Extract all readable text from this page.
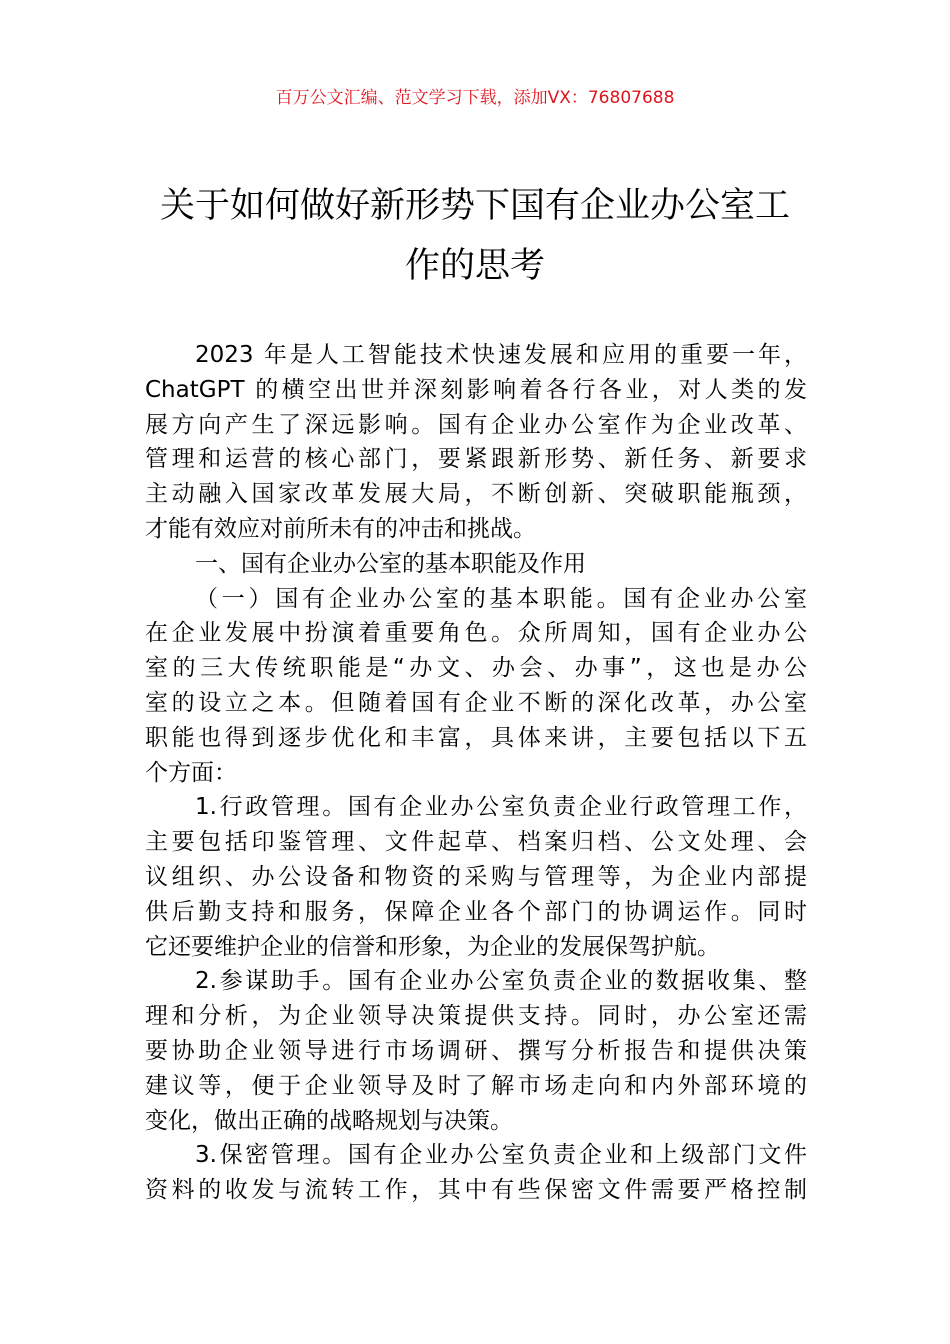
百万公文汇编、范文学习下载，添加VX：76807688
关于如何做好新形势下国有企业办公室工
作的思考
2023 年是人工智能技术快速发展和应用的重要一年，
ChatGPT 的横空出世并深刻影响着各行各业，对人类的发
展方向产生了深远影响。国有企业办公室作为企业改革、
管理和运营的核心部门，要紧跟新形势、新任务、新要求
主动融入国家改革发展大局，不断创新、突破职能瓶颈，
才能有效应对前所未有的冲击和挑战。
一、国有企业办公室的基本职能及作用
（一）国有企业办公室的基本职能。国有企业办公室
在企业发展中扮演着重要角色。众所周知，国有企业办公
室的三大传统职能是“办文、办会、办事”，这也是办公
室的设立之本。但随着国有企业不断的深化改革，办公室
职能也得到逐步优化和丰富，具体来讲，主要包括以下五
个方面：
1.行政管理。国有企业办公室负责企业行政管理工作，
主要包括印鉴管理、文件起草、档案归档、公文处理、会
议组织、办公设备和物资的采购与管理等，为企业内部提
供后勤支持和服务，保障企业各个部门的协调运作。同时
它还要维护企业的信誉和形象，为企业的发展保驾护航。
2.参谋助手。国有企业办公室负责企业的数据收集、整
理和分析，为企业领导决策提供支持。同时，办公室还需
要协助企业领导进行市场调研、撰写分析报告和提供决策
建议等，便于企业领导及时了解市场走向和内外部环境的
变化，做出正确的战略规划与决策。
3.保密管理。国有企业办公室负责企业和上级部门文件
资料的收发与流转工作，其中有些保密文件需要严格控制
